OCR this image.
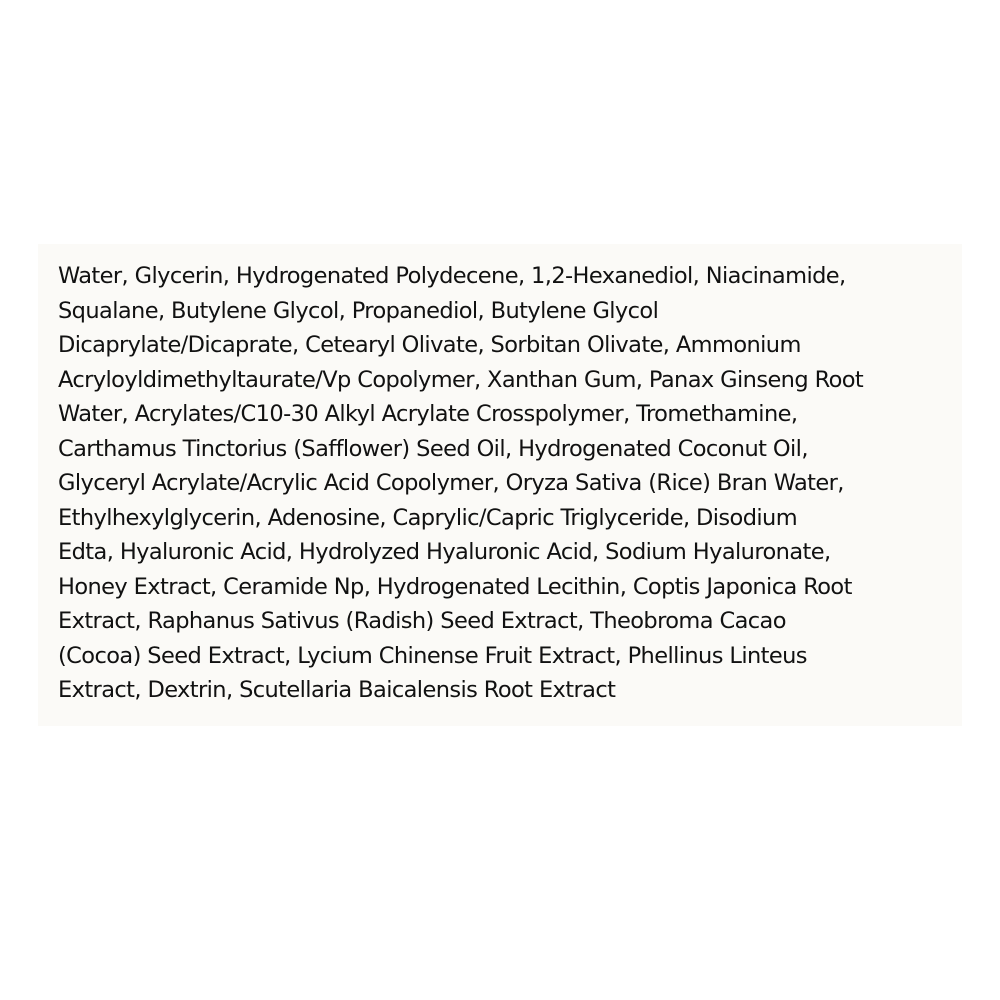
Water, Glycerin, Hydrogenated Polydecene, 1,2-Hexanediol, Niacinamide,
Squalane, Butylene Glycol, Propanediol, Butylene Glycol
Dicaprylate/Dicaprate, Cetearyl Olivate, Sorbitan Olivate, Ammonium
Acryloyldimethyltaurate/Vp Copolymer, Xanthan Gum, Panax Ginseng Root
Water, Acrylates/C10-30 Alkyl Acrylate Crosspolymer, Tromethamine,
Carthamus Tinctorius (Safflower) Seed Oil, Hydrogenated Coconut Oil,
Glyceryl Acrylate/Acrylic Acid Copolymer, Oryza Sativa (Rice) Bran Water,
Ethylhexylglycerin, Adenosine, Caprylic/Capric Triglyceride, Disodium
Edta, Hyaluronic Acid, Hydrolyzed Hyaluronic Acid, Sodium Hyaluronate,
Honey Extract, Ceramide Np, Hydrogenated Lecithin, Coptis Japonica Root
Extract, Raphanus Sativus (Radish) Seed Extract, Theobroma Cacao
(Cocoa) Seed Extract, Lycium Chinense Fruit Extract, Phellinus Linteus
Extract, Dextrin, Scutellaria Baicalensis Root Extract
